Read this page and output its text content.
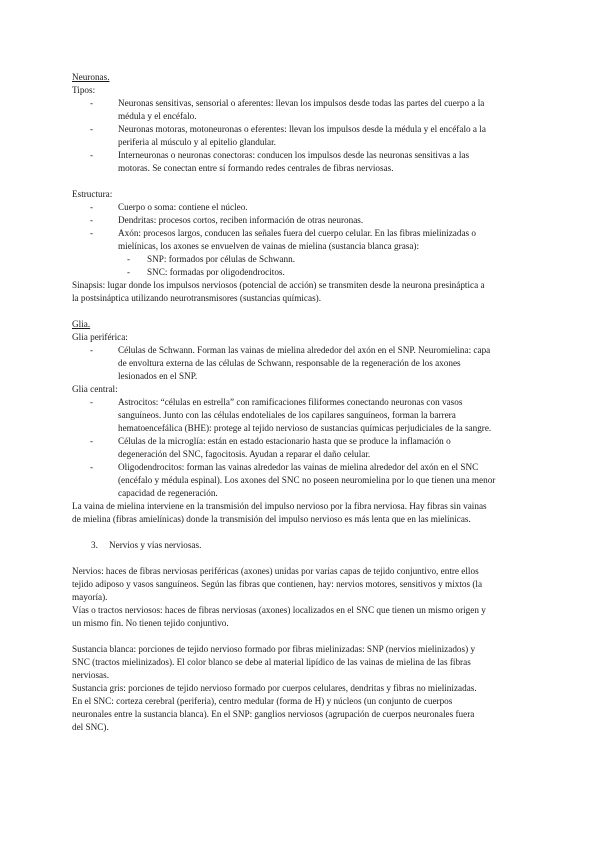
Neuronas.
Tipos:
-	Neuronas sensitivas, sensorial o aferentes: llevan los impulsos desde todas las partes del cuerpo a la
médula y el encéfalo.
-	Neuronas motoras, motoneuronas o eferentes: llevan los impulsos desde la médula y el encéfalo a la
periferia al músculo y al epitelio glandular.
-	Interneuronas o neuronas conectoras: conducen los impulsos desde las neuronas sensitivas a las
motoras. Se conectan entre sí formando redes centrales de fibras nerviosas.
Estructura:
-	Cuerpo o soma: contiene el núcleo.
-	Dendritas: procesos cortos, reciben información de otras neuronas.
-	Axón: procesos largos, conducen las señales fuera del cuerpo celular. En las fibras mielinizadas o
mielínicas, los axones se envuelven de vainas de mielina (sustancia blanca grasa):
- SNP: formados por células de Schwann.
- SNC: formadas por oligodendrocitos.
Sinapsis: lugar donde los impulsos nerviosos (potencial de acción) se transmiten desde la neurona presináptica a
la postsináptica utilizando neurotransmisores (sustancias químicas).
Glia.
Glia periférica:
-	Células de Schwann. Forman las vainas de mielina alrededor del axón en el SNP. Neuromielina: capa
de envoltura externa de las células de Schwann, responsable de la regeneración de los axones
lesionados en el SNP.
Glia central:
-	Astrocitos: “células en estrella” con ramificaciones filiformes conectando neuronas con vasos
sanguíneos. Junto con las células endoteliales de los capilares sanguíneos, forman la barrera
hematoencefálica (BHE): protege al tejido nervioso de sustancias químicas perjudiciales de la sangre.
-	Células de la microglía: están en estado estacionario hasta que se produce la inflamación o
degeneración del SNC, fagocitosis. Ayudan a reparar el daño celular.
-	Oligodendrocitos: forman las vainas alrededor las vainas de mielina alrededor del axón en el SNC
(encéfalo y médula espinal). Los axones del SNC no poseen neuromielina por lo que tienen una menor
capacidad de regeneración.
La vaina de mielina interviene en la transmisión del impulso nervioso por la fibra nerviosa. Hay fibras sin vainas
de mielina (fibras amielínicas) donde la transmisión del impulso nervioso es más lenta que en las mielínicas.
3. Nervios y vías nerviosas.
Nervios: haces de fibras nerviosas periféricas (axones) unidas por varias capas de tejido conjuntivo, entre ellos
tejido adiposo y vasos sanguíneos. Según las fibras que contienen, hay: nervios motores, sensitivos y mixtos (la
mayoría).
Vías o tractos nerviosos: haces de fibras nerviosas (axones) localizados en el SNC que tienen un mismo origen y
un mismo fin. No tienen tejido conjuntivo.
Sustancia blanca: porciones de tejido nervioso formado por fibras mielinizadas: SNP (nervios mielinizados) y
SNC (tractos mielinizados). El color blanco se debe al material lipídico de las vainas de mielina de las fibras
nerviosas.
Sustancia gris: porciones de tejido nervioso formado por cuerpos celulares, dendritas y fibras no mielinizadas.
En el SNC: corteza cerebral (periferia), centro medular (forma de H) y núcleos (un conjunto de cuerpos
neuronales entre la sustancia blanca). En el SNP: ganglios nerviosos (agrupación de cuerpos neuronales fuera
del SNC).
